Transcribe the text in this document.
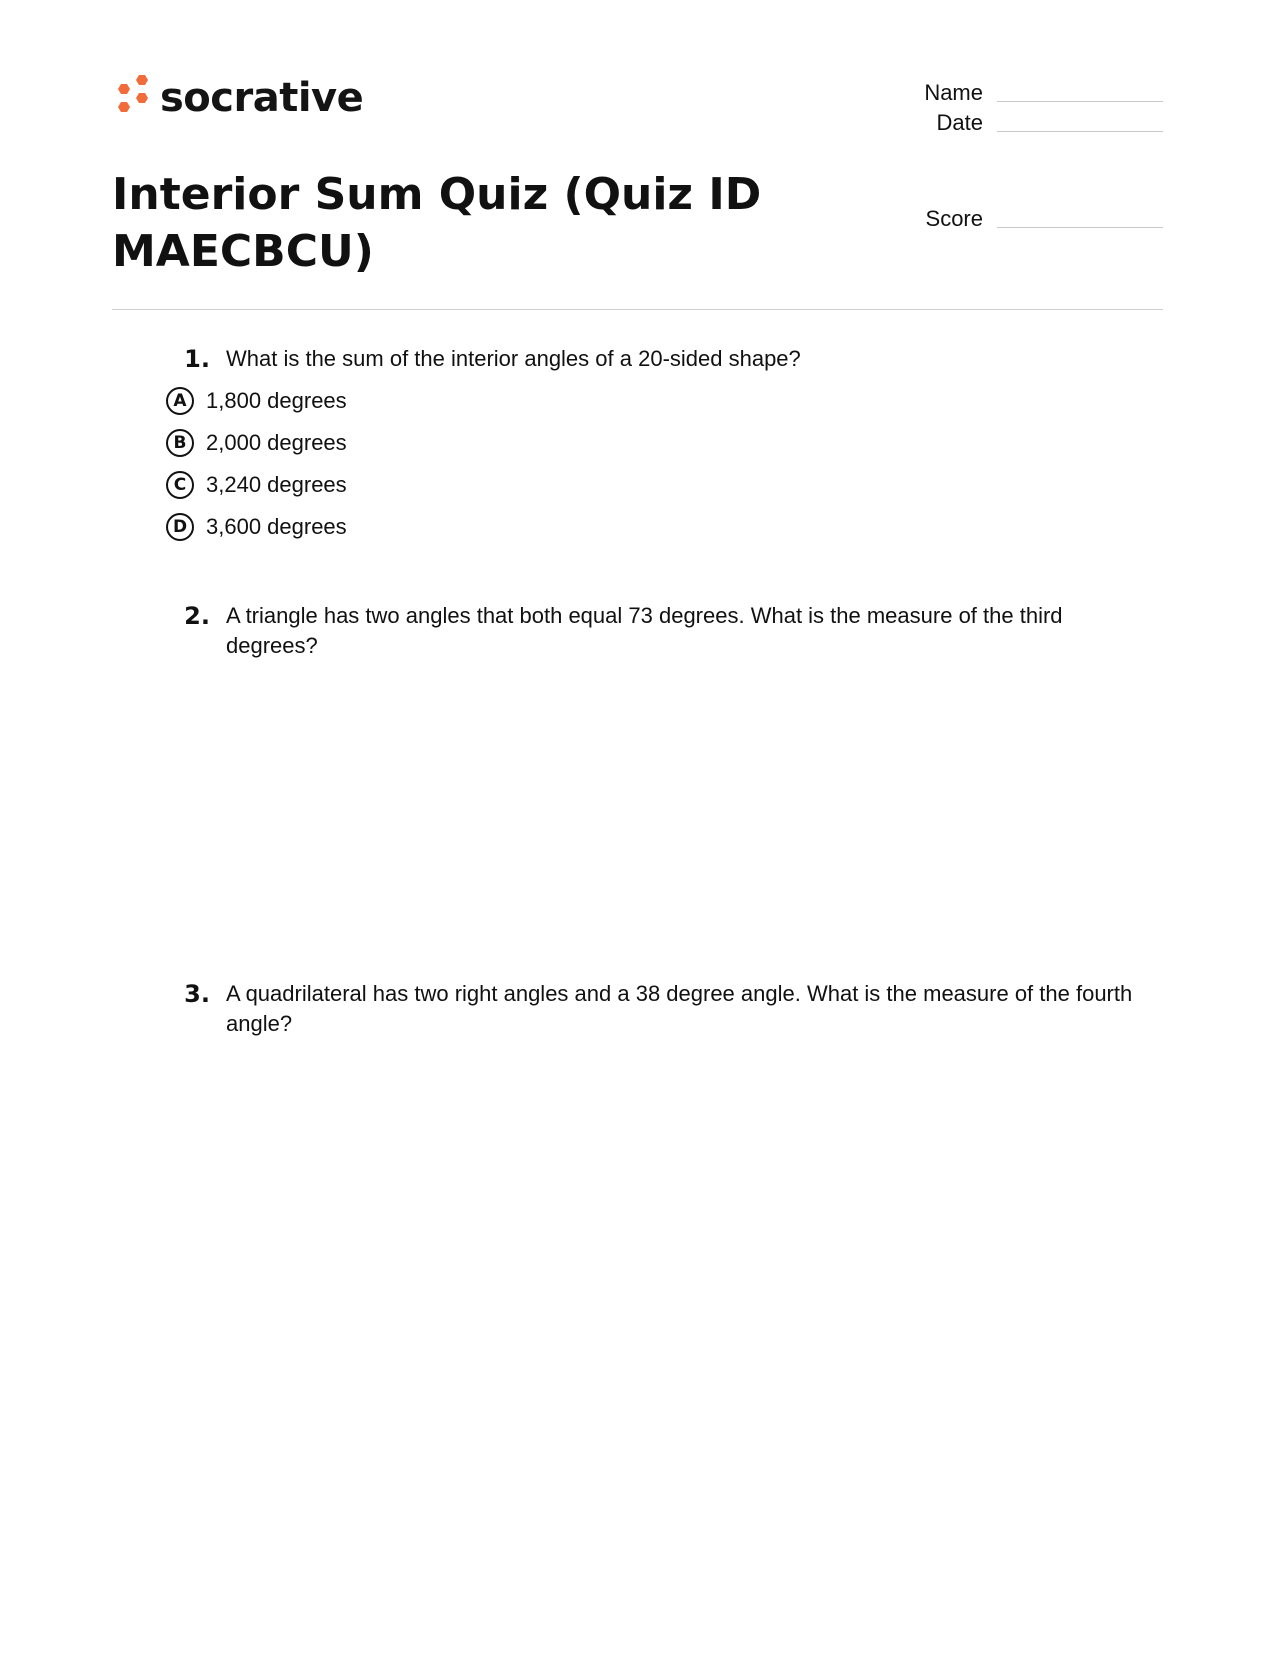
socrative	Name
Date
Score
Interior Sum Quiz (Quiz ID MAECBCU)
1. What is the sum of the interior angles of a 20-sided shape?
A 1,800 degrees
B 2,000 degrees
C 3,240 degrees
D 3,600 degrees
2. A triangle has two angles that both equal 73 degrees. What is the measure of the third degrees?
3. A quadrilateral has two right angles and a 38 degree angle. What is the measure of the fourth angle?
